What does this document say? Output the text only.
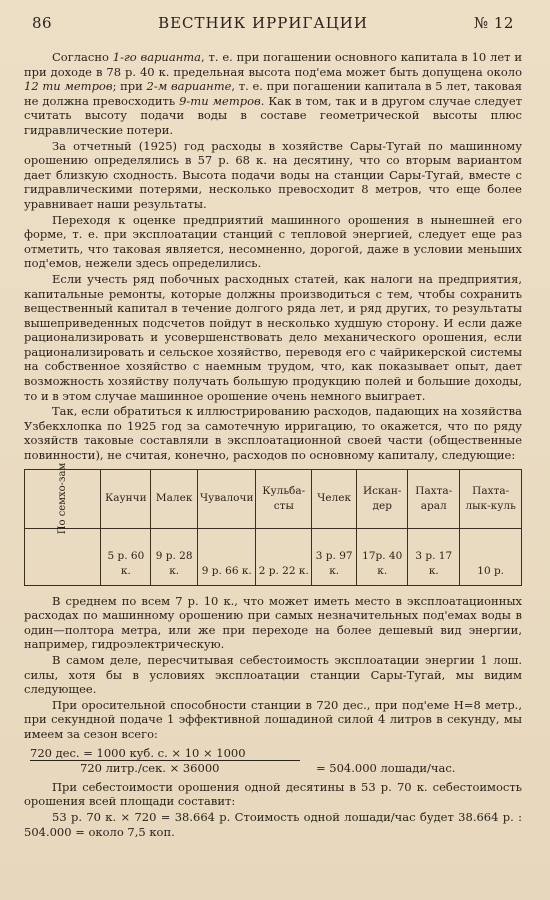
86	ВЕСТНИК ИРРИГАЦИИ	№ 12

Согласно 1-го варианта, т. е. при погашении основного капитала в 10 лет и при доходе в 78 р. 40 к. предельная высота под'ема может быть допущена около 12 ти метров; при 2-м варианте, т. е. при погашении капитала в 5 лет, таковая не должна превосходить 9-ти метров. Как в том, так и в другом случае следует считать высоту подачи воды в составе геометрической высоты плюс гидравлические потери.

За отчетный (1925) год расходы в хозяйстве Сары-Тугай по машинному орошению определялись в 57 р. 68 к. на десятину, что со вторым вариантом дает близкую сходность. Высота подачи воды на станции Сары-Тугай, вместе с гидравлическими потерями, несколько превосходит 8 метров, что еще более уравнивает наши результаты.

Переходя к оценке предприятий машинного орошения в нынешней его форме, т. е. при эксплоатации станций с тепловой энергией, следует еще раз отметить, что таковая является, несомненно, дорогой, даже в условии меньших под'емов, нежели здесь определились.

Если учесть ряд побочных расходных статей, как налоги на предприятия, капитальные ремонты, которые должны производиться с тем, чтобы сохранить вещественный капитал в течение долгого ряда лет, и ряд других, то результаты вышеприведенных подсчетов пойдут в несколько худшую сторону. И если даже рационализировать и усовершенствовать дело механического орошения, если рационализировать и сельское хозяйство, переводя его с чайрикерской системы на собственное хозяйство с наемным трудом, что, как показывает опыт, дает возможность хозяйству получать большую продукцию полей и большие доходы, то и в этом случае машинное орошение очень немного выиграет.

Так, если обратиться к иллюстрированию расходов, падающих на хозяйства Узбекхлопка по 1925 год за самотечную ирригацию, то окажется, что по ряду хозяйств таковые составляли в эксплоатационной своей части (общественные повинности), не считая, конечно, расходов по основному капиталу, следующие:

По семхо-зам	Каунчи	Малек	Чувалочи	Кульба-сты	Челек	Искан-дер	Пахта-арал	Пахта-лык-куль
	5 р. 60 к.	9 р. 28 к.	9 р. 66 к.	2 р. 22 к.	3 р. 97 к.	17р. 40 к.	3 р. 17 к.	10 р.

В среднем по всем 7 р. 10 к., что может иметь место в эксплоатационных расходах по машинному орошению при самых незначительных под'емах воды в один—полтора метра, или же при переходе на более дешевый вид энергии, например, гидроэлектрическую.

В самом деле, пересчитывая себестоимость эксплоатации энергии 1 лош. силы, хотя бы в условиях эксплоатации станции Сары-Тугай, мы видим следующее.

При оросительной способности станции в 720 дес., при под'еме H=8 метр., при секундной подаче 1 эффективной лошадиной силой 4 литров в секунду, мы имеем за сезон всего:

720 дес. = 1000 куб. с. × 10 × 1000
720 литр./сек. × 36000	= 504.000 лошади/час.

При себестоимости орошения одной десятины в 53 р. 70 к. себестоимость орошения всей площади составит:

53 р. 70 к. × 720 = 38.664 р. Стоимость одной лошади/час будет 38.664 р. : 504.000 = около 7,5 коп.
